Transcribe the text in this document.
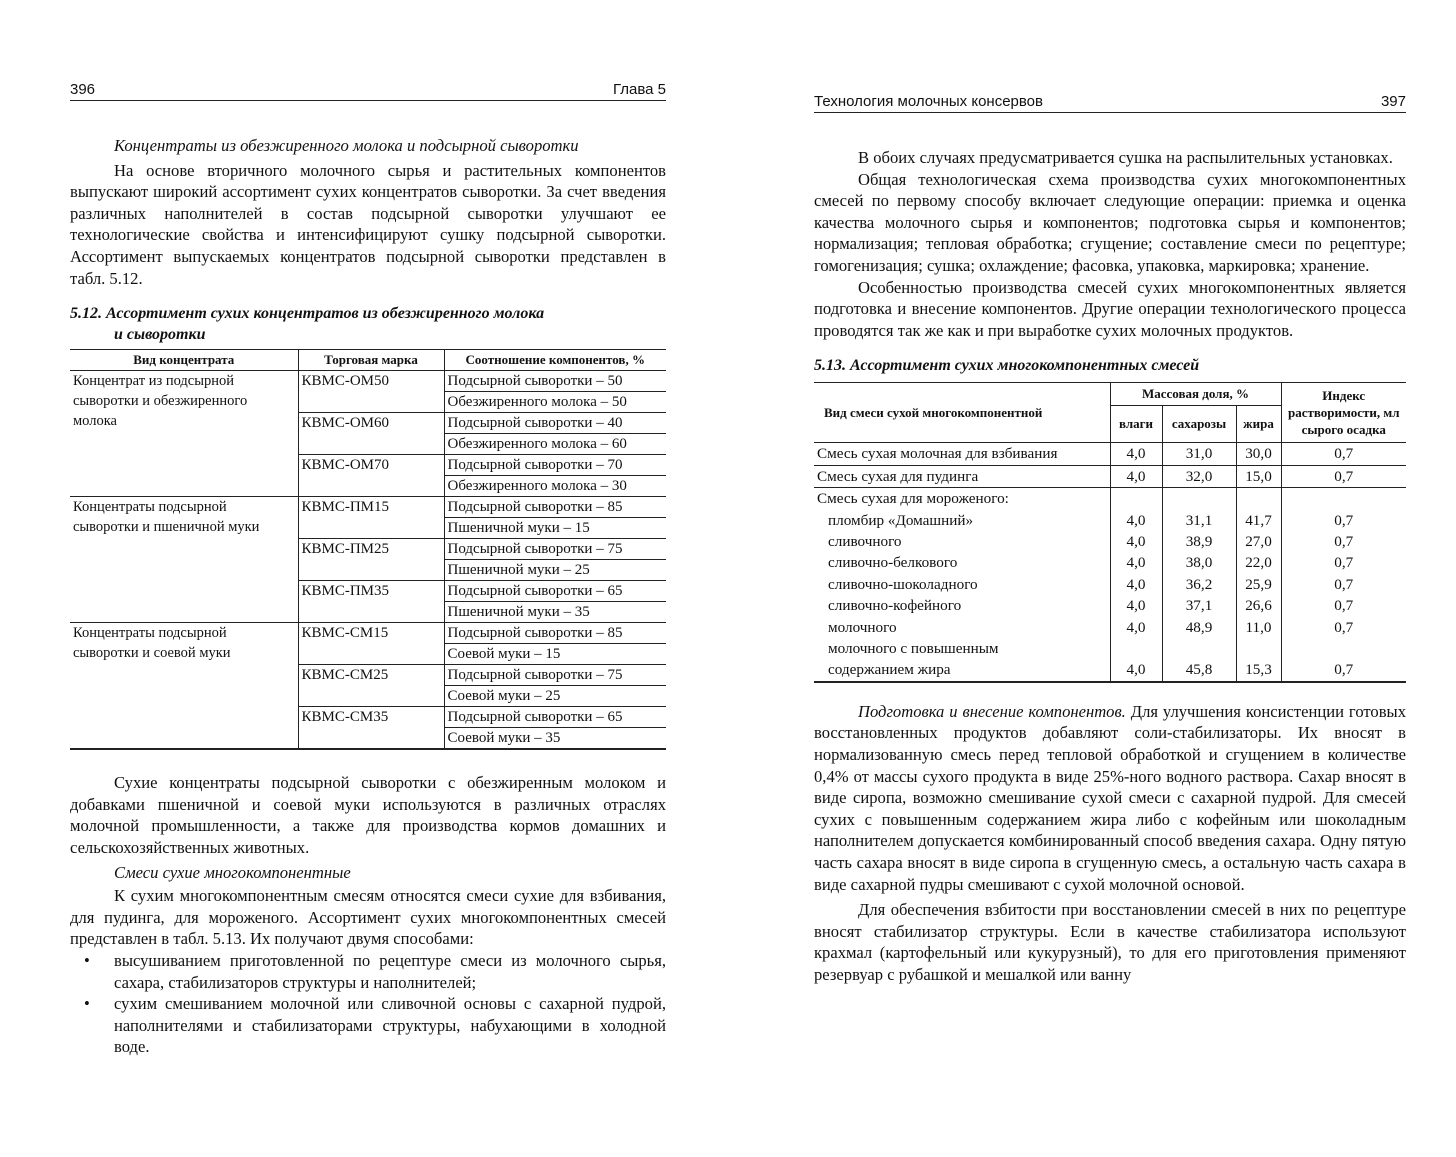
396	Глава 5
Концентраты из обезжиренного молока и подсырной сыворотки

На основе вторичного молочного сырья и растительных компонентов выпускают широкий ассортимент сухих концентратов сыворотки. За счет введения различных наполнителей в состав подсырной сыворотки улучшают ее технологические свойства и интенсифицируют сушку подсырной сыворотки. Ассортимент выпускаемых концентратов подсырной сыворотки представлен в табл. 5.12.

5.12. Ассортимент сухих концентратов из обезжиренного молока
и сыворотки
Вид концентрата	Торговая марка	Соотношение компонентов, %
Концентрат из подсырной сыворотки и обезжиренного молока	КВМС-ОМ50	Подсырной сыворотки – 50
Обезжиренного молока – 50

	КВМС-ОМ60	Подсырной сыворотки – 40
Обезжиренного молока – 60

	КВМС-ОМ70	Подсырной сыворотки – 70
Обезжиренного молока – 30

Концентраты подсырной сыворотки и пшеничной муки	КВМС-ПМ15	Подсырной сыворотки – 85
Пшеничной муки – 15

	КВМС-ПМ25	Подсырной сыворотки – 75
Пшеничной муки – 25

	КВМС-ПМ35	Подсырной сыворотки – 65
Пшеничной муки – 35

Концентраты подсырной сыворотки и соевой муки	КВМС-СМ15	Подсырной сыворотки – 85
Соевой муки – 15

	КВМС-СМ25	Подсырной сыворотки – 75
Соевой муки – 25

	КВМС-СМ35	Подсырной сыворотки – 65
Соевой муки – 35

Сухие концентраты подсырной сыворотки с обезжиренным молоком и добавками пшеничной и соевой муки используются в различных отраслях молочной промышленности, а также для производства кормов домашних и сельскохозяйственных животных.

Смеси сухие многокомпонентные

К сухим многокомпонентным смесям относятся смеси сухие для взбивания, для пудинга, для мороженого. Ассортимент сухих многокомпонентных смесей представлен в табл. 5.13. Их получают двумя способами:

• высушиванием приготовленной по рецептуре смеси из молочного сырья, сахара, стабилизаторов структуры и наполнителей;
• сухим смешиванием молочной или сливочной основы с сахарной пудрой, наполнителями и стабилизаторами структуры, набухающими в холодной воде.
Технология молочных консервов	397

В обоих случаях предусматривается сушка на распылительных установках.

Общая технологическая схема производства сухих многокомпонентных смесей по первому способу включает следующие операции: приемка и оценка качества молочного сырья и компонентов; подготовка сырья и компонентов; нормализация; тепловая обработка; сгущение; составление смеси по рецептуре; гомогенизация; сушка; охлаждение; фасовка, упаковка, маркировка; хранение.

Особенностью производства смесей сухих многокомпонентных является подготовка и внесение компонентов. Другие операции технологического процесса проводятся так же как и при выработке сухих молочных продуктов.

5.13. Ассортимент сухих многокомпонентных смесей
Вид смеси сухой многокомпонентной	Массовая доля, %			Индекс растворимости, мл сырого осадка
	влаги	сахарозы	жира	
Смесь сухая молочная для взбивания	4,0	31,0	30,0	0,7
Смесь сухая для пудинга	4,0	32,0	15,0	0,7
Смесь сухая для мороженого:				
пломбир «Домашний»	4,0	31,1	41,7	0,7
сливочного	4,0	38,9	27,0	0,7
сливочно-белкового	4,0	38,0	22,0	0,7
сливочно-шоколадного	4,0	36,2	25,9	0,7
сливочно-кофейного	4,0	37,1	26,6	0,7
молочного	4,0	48,9	11,0	0,7

молочного с повышенным
содержанием жира	4,0	45,8	15,3	0,7

Подготовка и внесение компонентов. Для улучшения консистенции готовых восстановленных продуктов добавляют соли-стабилизаторы. Их вносят в нормализованную смесь перед тепловой обработкой и сгущением в количестве 0,4% от массы сухого продукта в виде 25%-ного водного раствора. Сахар вносят в виде сиропа, возможно смешивание сухой смеси с сахарной пудрой. Для смесей сухих с повышенным содержанием жира либо с кофейным или шоколадным наполнителем допускается комбинированный способ введения сахара. Одну пятую часть сахара вносят в виде сиропа в сгущенную смесь, а остальную часть сахара в виде сахарной пудры смешивают с сухой молочной основой.

Для обеспечения взбитости при восстановлении смесей в них по рецептуре вносят стабилизатор структуры. Если в качестве стабилизатора используют крахмал (картофельный или кукурузный), то для его приготовления применяют резервуар с рубашкой и мешалкой или ванну
